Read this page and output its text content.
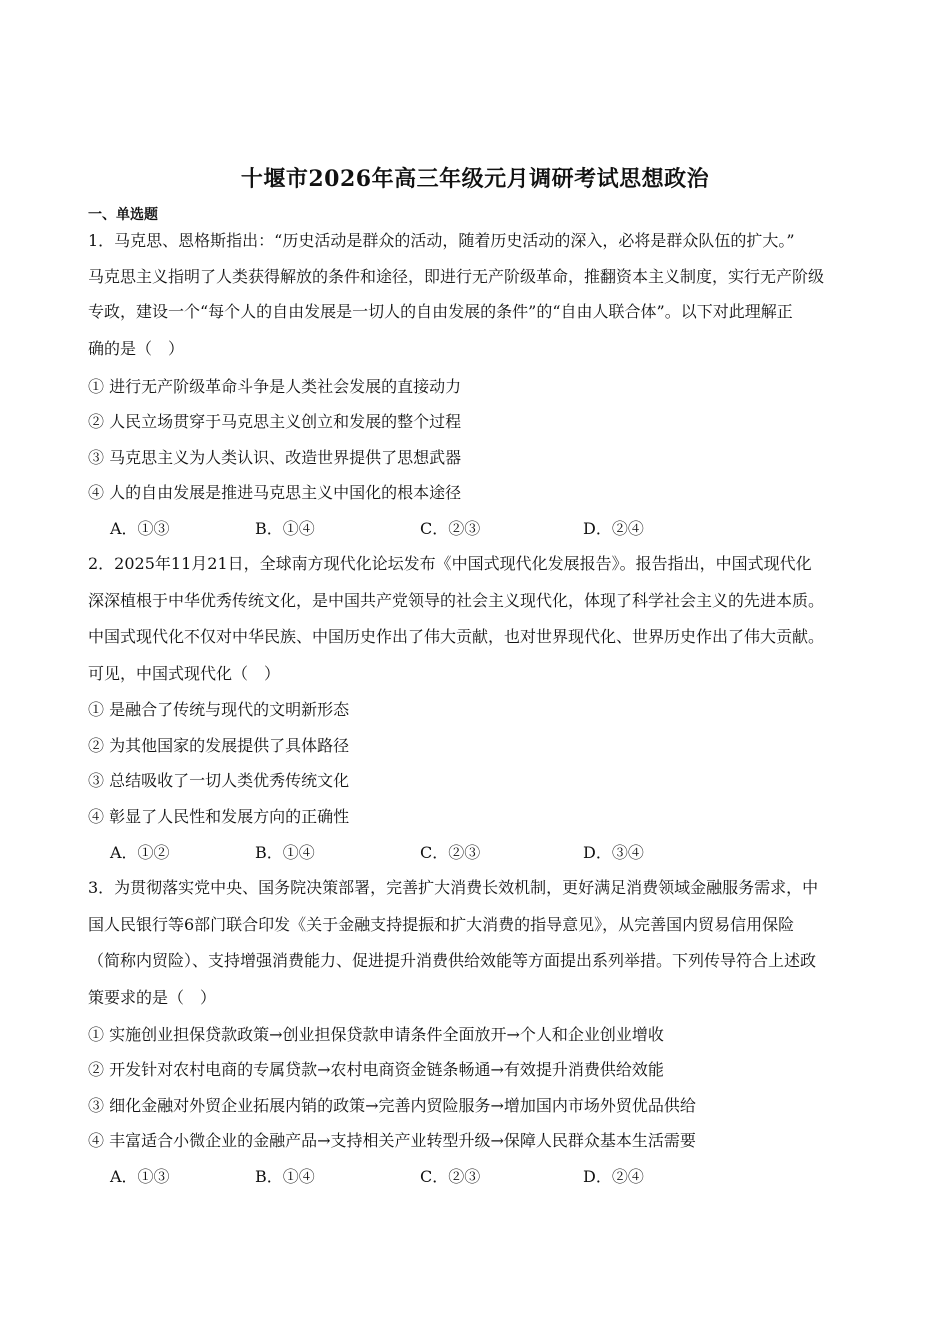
十堰市2026年高三年级元月调研考试思想政治
一、单选题
1．马克思、恩格斯指出：“历史活动是群众的活动，随着历史活动的深入，必将是群众队伍的扩大。”
马克思主义指明了人类获得解放的条件和途径，即进行无产阶级革命，推翻资本主义制度，实行无产阶级
专政，建设一个“每个人的自由发展是一切人的自由发展的条件”的“自由人联合体”。以下对此理解正
确的是（　）
① 进行无产阶级革命斗争是人类社会发展的直接动力
② 人民立场贯穿于马克思主义创立和发展的整个过程
③ 马克思主义为人类认识、改造世界提供了思想武器
④ 人的自由发展是推进马克思主义中国化的根本途径
A．①③	B．①④	C．②③	D．②④
2．2025年11月21日，全球南方现代化论坛发布《中国式现代化发展报告》。报告指出，中国式现代化
深深植根于中华优秀传统文化，是中国共产党领导的社会主义现代化，体现了科学社会主义的先进本质。
中国式现代化不仅对中华民族、中国历史作出了伟大贡献，也对世界现代化、世界历史作出了伟大贡献。
可见，中国式现代化（　）
① 是融合了传统与现代的文明新形态
② 为其他国家的发展提供了具体路径
③ 总结吸收了一切人类优秀传统文化
④ 彰显了人民性和发展方向的正确性
A．①②	B．①④	C．②③	D．③④
3．为贯彻落实党中央、国务院决策部署，完善扩大消费长效机制，更好满足消费领域金融服务需求，中
国人民银行等6部门联合印发《关于金融支持提振和扩大消费的指导意见》，从完善国内贸易信用保险
（简称内贸险）、支持增强消费能力、促进提升消费供给效能等方面提出系列举措。下列传导符合上述政
策要求的是（　）
① 实施创业担保贷款政策→创业担保贷款申请条件全面放开→个人和企业创业增收
② 开发针对农村电商的专属贷款→农村电商资金链条畅通→有效提升消费供给效能
③ 细化金融对外贸企业拓展内销的政策→完善内贸险服务→增加国内市场外贸优品供给
④ 丰富适合小微企业的金融产品→支持相关产业转型升级→保障人民群众基本生活需要
A．①③	B．①④	C．②③	D．②④
